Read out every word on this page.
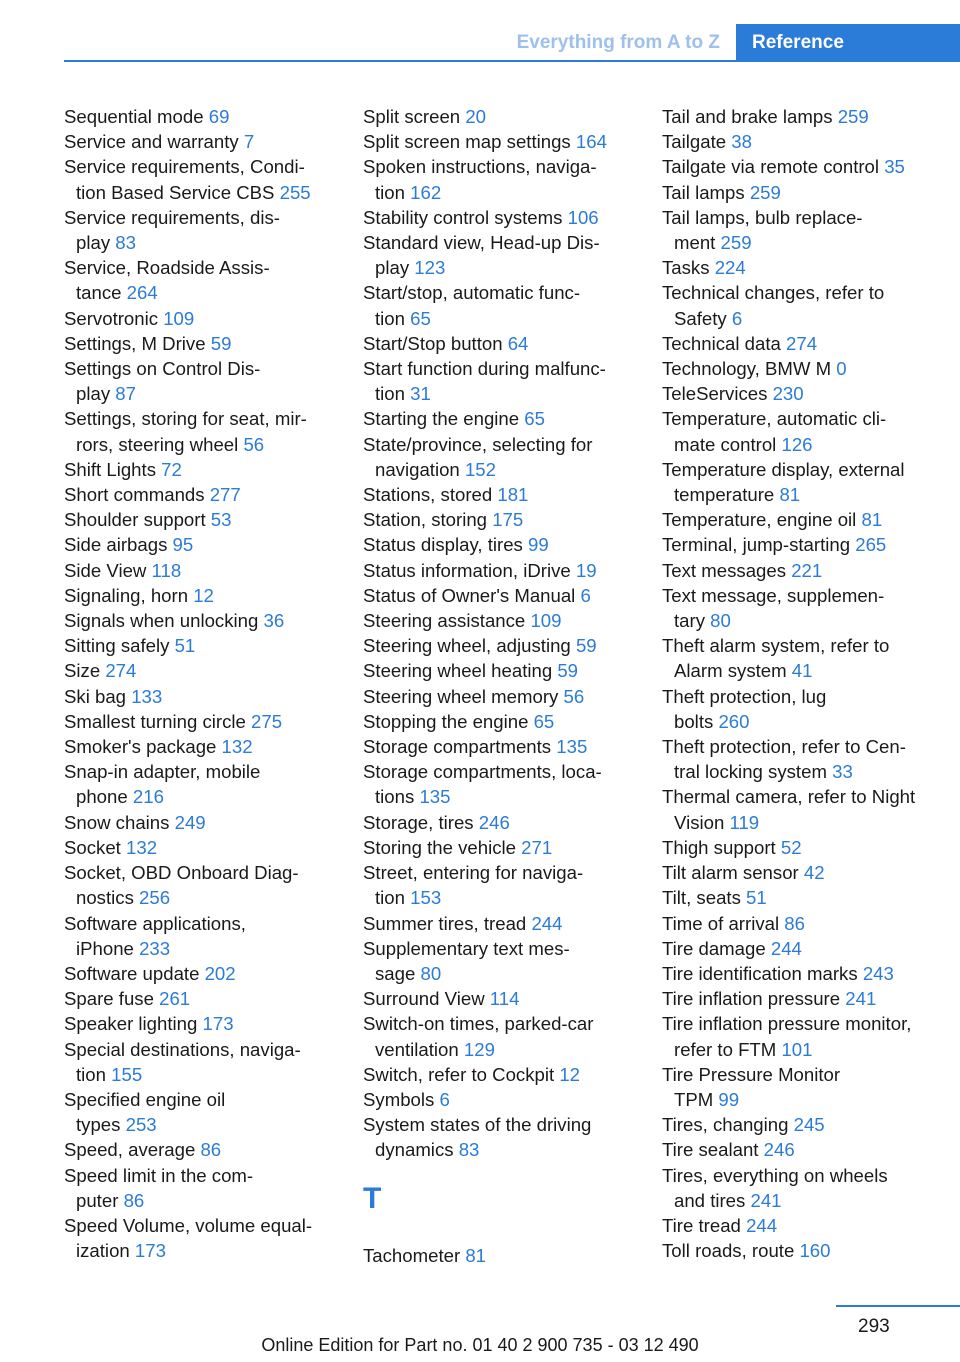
Everything from A to Z	Reference
Sequential mode 69
Service and warranty 7
Service requirements, Condi-
tion Based Service CBS 255
Service requirements, dis-
play 83
Service, Roadside Assis-
tance 264
Servotronic 109
Settings, M Drive 59
Settings on Control Dis-
play 87
Settings, storing for seat, mir-
rors, steering wheel 56
Shift Lights 72
Short commands 277
Shoulder support 53
Side airbags 95
Side View 118
Signaling, horn 12
Signals when unlocking 36
Sitting safely 51
Size 274
Ski bag 133
Smallest turning circle 275
Smoker's package 132
Snap-in adapter, mobile
phone 216
Snow chains 249
Socket 132
Socket, OBD Onboard Diag-
nostics 256
Software applications,
iPhone 233
Software update 202
Spare fuse 261
Speaker lighting 173
Special destinations, naviga-
tion 155
Specified engine oil
types 253
Speed, average 86
Speed limit in the com-
puter 86
Speed Volume, volume equal-
ization 173
Split screen 20
Split screen map settings 164
Spoken instructions, naviga-
tion 162
Stability control systems 106
Standard view, Head-up Dis-
play 123
Start/stop, automatic func-
tion 65
Start/Stop button 64
Start function during malfunc-
tion 31
Starting the engine 65
State/province, selecting for
navigation 152
Stations, stored 181
Station, storing 175
Status display, tires 99
Status information, iDrive 19
Status of Owner's Manual 6
Steering assistance 109
Steering wheel, adjusting 59
Steering wheel heating 59
Steering wheel memory 56
Stopping the engine 65
Storage compartments 135
Storage compartments, loca-
tions 135
Storage, tires 246
Storing the vehicle 271
Street, entering for naviga-
tion 153
Summer tires, tread 244
Supplementary text mes-
sage 80
Surround View 114
Switch-on times, parked-car
ventilation 129
Switch, refer to Cockpit 12
Symbols 6
System states of the driving
dynamics 83
T
Tachometer 81
Tail and brake lamps 259
Tailgate 38
Tailgate via remote control 35
Tail lamps 259
Tail lamps, bulb replace-
ment 259
Tasks 224
Technical changes, refer to
Safety 6
Technical data 274
Technology, BMW M 0
TeleServices 230
Temperature, automatic cli-
mate control 126
Temperature display, external
temperature 81
Temperature, engine oil 81
Terminal, jump-starting 265
Text messages 221
Text message, supplemen-
tary 80
Theft alarm system, refer to
Alarm system 41
Theft protection, lug
bolts 260
Theft protection, refer to Cen-
tral locking system 33
Thermal camera, refer to Night
Vision 119
Thigh support 52
Tilt alarm sensor 42
Tilt, seats 51
Time of arrival 86
Tire damage 244
Tire identification marks 243
Tire inflation pressure 241
Tire inflation pressure monitor,
refer to FTM 101
Tire Pressure Monitor
TPM 99
Tires, changing 245
Tire sealant 246
Tires, everything on wheels
and tires 241
Tire tread 244
Toll roads, route 160
293
Online Edition for Part no. 01 40 2 900 735 - 03 12 490
